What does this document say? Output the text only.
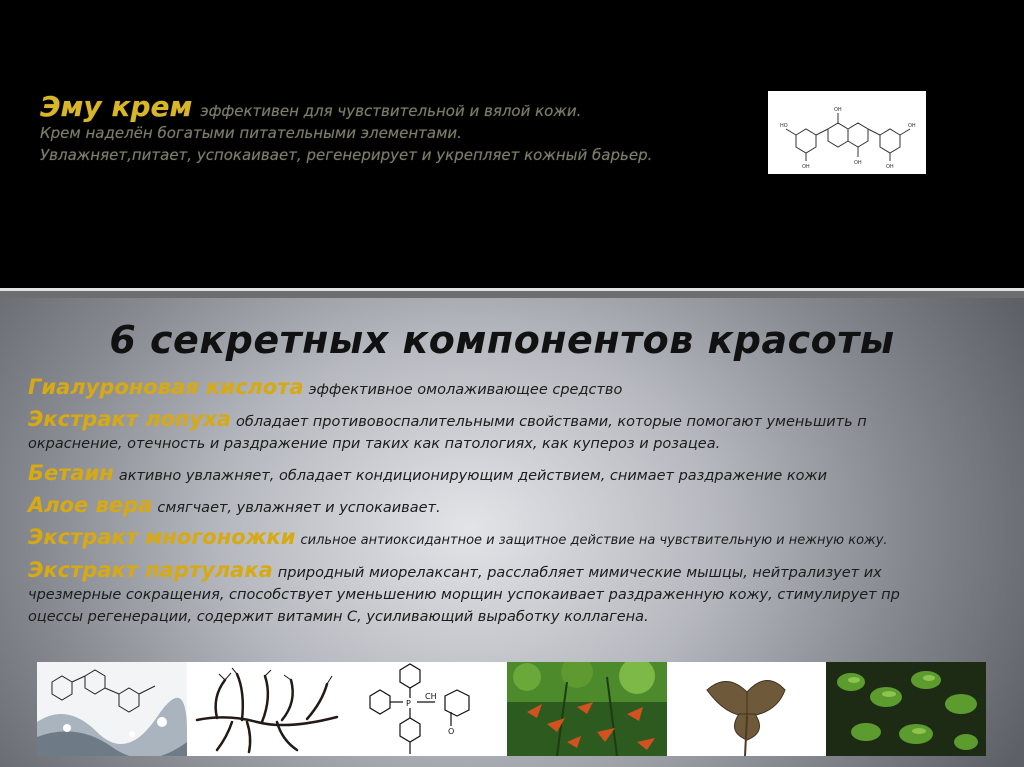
Эму крем эффективен для чувствительной и вялой кожи.
Крем наделён богатыми питательными элементами.
Увлажняет,питает, успокаивает, регенерирует и укрепляет кожный барьер.
HO
OH
OH
OH	OH
OH
6 секретных компонентов красоты

Гиалуроновая кислота эффективное омолаживающее средство

Экстракт лопуха обладает противовоспалительными свойствами, которые помогают уменьшить п
окраснение, отечность и раздражение при таких как патологиях, как купероз и розацеа.

Бетаин активно увлажняет, обладает кондиционирующим действием, снимает раздражение кожи

Алое вера смягчает, увлажняет и успокаивает.

Экстракт многоножки сильное антиоксидантное и защитное действие на чувствительную и нежную кожу.

Экстракт партулака природный миорелаксант, расслабляет мимические мышцы, нейтрализует их
чрезмерные сокращения, способствует уменьшению морщин успокаивает раздраженную кожу, стимулирует пр
оцессы регенерации, содержит витамин С, усиливающий выработку коллагена.

P
CH
O
